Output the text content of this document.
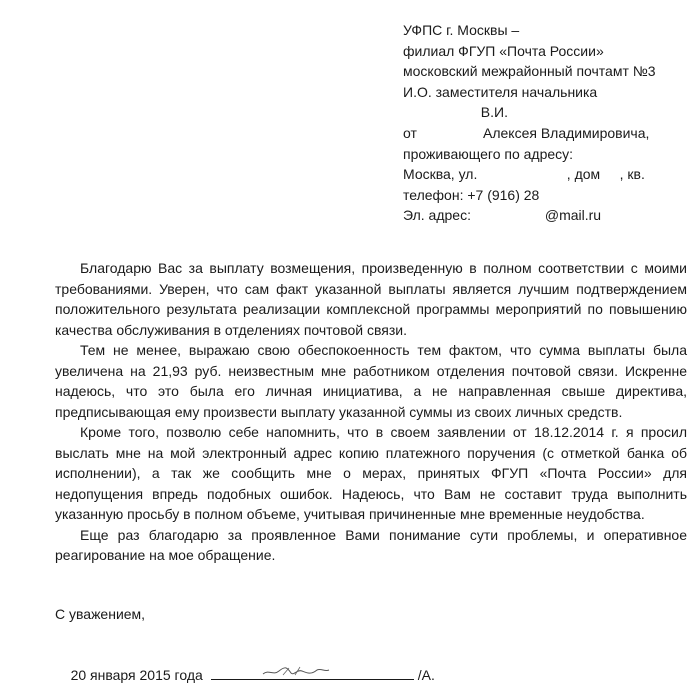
УФПС г. Москвы –
филиал ФГУП «Почта России»
московский межрайонный почтамт №3
И.О. заместителя начальника
В.И.
от                 Алексея Владимировича,
проживающего по адресу:
Москва, ул.                       , дом     , кв.
телефон: +7 (916) 28
Эл. адрес:                   @mail.ru

Благодарю Вас за выплату возмещения, произведенную в полном соответствии с моими требованиями. Уверен, что сам факт указанной выплаты является лучшим подтверждением положительного результата реализации комплексной программы мероприятий по повышению качества обслуживания в отделениях почтовой связи.

Тем не менее, выражаю свою обеспокоенность тем фактом, что сумма выплаты была увеличена на 21,93 руб. неизвестным мне работником отделения почтовой связи. Искренне надеюсь, что это была его личная инициатива, а не направленная свыше директива, предписывающая ему произвести выплату указанной суммы из своих личных средств.

Кроме того, позволю себе напомнить, что в своем заявлении от 18.12.2014 г. я просил выслать мне на мой электронный адрес копию платежного поручения (с отметкой банка об исполнении), а так же сообщить мне о мерах, принятых ФГУП «Почта России» для недопущения впредь подобных ошибок. Надеюсь, что Вам не составит труда выполнить указанную просьбу в полном объеме, учитывая причиненные мне временные неудобства.

Еще раз благодарю за проявленное Вами понимание сути проблемы, и оперативное реагирование на мое обращение.

С уважением,

20 января 2015 года	/А.
